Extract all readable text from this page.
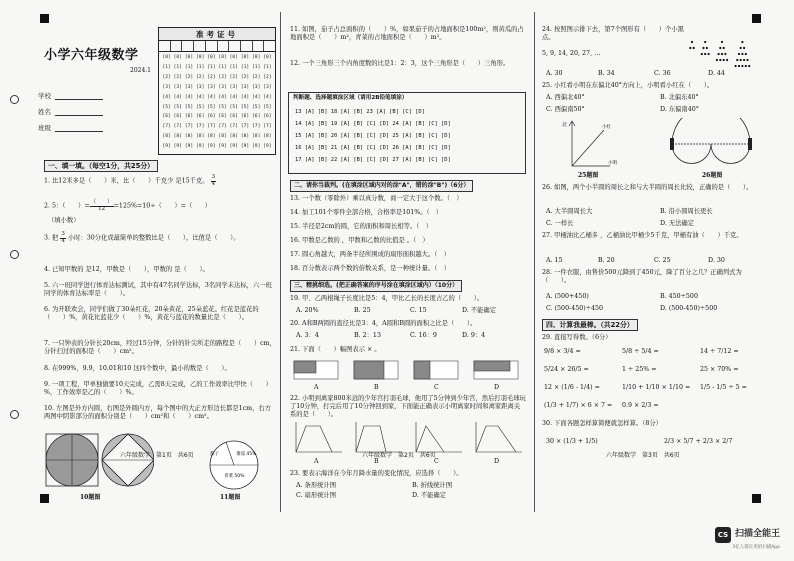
小学六年级数学
2024.1
学校
姓名
班级
准考证号
[0] [0] [0] [0] [0] [0] [0] [0] [0] [0]
[1] [1] [1] [1] [1] [1] [1] [1] [1] [1]
[2] [2] [2] [2] [2] [2] [2] [2] [2] [2]
[3] [3] [3] [3] [3] [3] [3] [3] [3] [3]
[4] [4] [4] [4] [4] [4] [4] [4] [4] [4]
[5] [5] [5] [5] [5] [5] [5] [5] [5] [5]
[6] [6] [6] [6] [6] [6] [6] [6] [6] [6]
[7] [7] [7] [7] [7] [7] [7] [7] [7] [7]
[8] [8] [8] [8] [8] [8] [8] [8] [8] [8]
[9] [9] [9] [9] [9] [9] [9] [9] [9] [9]
一、填一填。（每空1分，共25分）
1. 比12米多是（　　）米，比（　　）千克少 是15千克。 $\frac{3}{4}$
2. 5：（　　）= $\frac{( )}{12} =125\%=10\div$（　　）=（　　）
（填小数）
3. 把 $\frac{3}{4}$ 小时：30分化成最简单的整数比是（　　），比值是（　　）。
4. 已知甲数的 是12，甲数是（　　），甲数的 是（　　）。
5. 六一班同学进行体育达标测试，其中有47名同学达标，3名同学未达标，六一班同学的体育达标率是（　　）。
6. 为开联欢会，同学们做了30朵红花，20朵黄花，25朵蓝花。红花是蓝花的（　　）%，黄花比蓝花少（　　）%，黄花与蓝花的数量比是（　　）。
7. 一只钟表的分针长20cm，经过15分钟，分针的针尖所走的路程是（　　）cm，分针扫过的面积是（　　）cm²。
8. 在999%，9.9，10.01和10 这四个数中，最小的数是（　　）。
9. 一项工程，甲单独做要10天完成，乙需8天完成，乙的工作效率比甲快（　　）%，工作效率是乙的（　　）%。
10. 左图是外方内圆，右图是外圆内方，每个图中的大正方形边长都是1cm，右方两图中阴影部分的面积分别是（　　）cm²和（　　）cm²。
10题图
茄子	番茄 45%
青菜 50%
11题图
六年级数学　第1页　共6页
11. 如图，茄子占总面积的（　　）%，如果茄子的占地面积是100m²，则黄瓜的占地面积是（　　）m²，青菜的占地面积是（　　）m²。
12. 一个三角形三个内角度数的比是1：2：3，这个三角形是（　　）三角形。
判断题、选择题填涂区域（请用2B铅笔填涂）
13 [A] [B] 18 [A] [B] 23 [A] [B] [C] [D]
14 [A] [B] 19 [A] [B] [C] [D] 24 [A] [B] [C] [D]
15 [A] [B] 20 [A] [B] [C] [D] 25 [A] [B] [C] [D]
16 [A] [B] 21 [A] [B] [C] [D] 26 [A] [B] [C] [D]
17 [A] [B] 22 [A] [B] [C] [D] 27 [A] [B] [C] [D]
二、请你当裁判。(在填涂区域内对的涂"A"，错的涂"B")（6分）
13. 一个数（零除外）乘以真分数，商一定大于这个数。（　）
14. 加工101个零件全部合格，合格率是101%。（　）
15. 半径是2cm的圆，它的面积和周长相等。（　）
16. 甲数是乙数的 ，甲数和乙数的比值是 。（　）
17. 圆心角越大，两条半径所围成的扇形面积越大。（　）
18. 百分数表示两个数的倍数关系，是一种统计量。（　）
三、精挑细选。(把正确答案的序号涂在填涂区域内）（10分）
19. 甲、乙两根绳子长度比是5：4，甲比乙长的长度占乙的（　　）。
A. 20%	B. 25	C. 15	D. 不能确定
20. A和B两圆的直径比是3：4，A圆和B圆的面积之比是（　　）。
A. 3：4	B. 2：13	C. 16：9	D. 9：4
21. 下面（　　）幅图表示 × 。
A	B	C	D
22. 小明到离家800米远的少年宫打羽毛球，他用了5分钟到少年宫，然后打羽毛球玩了10分钟，打完后用了10分钟回到家，下面能正确表示小明离家时间和离家距离关系的是（　　）。
A	B	C	D
23. 要表示海洋在今年月降水量的变化情况，应选择（　　）。
A. 条形统计图	B. 折线统计图
C. 扇形统计图	D. 不能确定
六年级数学　第2页　共6页
24. 按照图示排下去，第7个图形有（　　）个小黑点。
5, 9, 14, 20, 27, …
A. 30	B. 34	C. 36	D. 44
25. 小红看小明在东偏北40°方向上，小明看小红在（　　）。
A. 西偏北40°	B. 北偏东40°
C. 西偏南50°	D. 东偏南40°
北	小红
小明
25题图	26题图
26. 如图，两个小半圆的周长之和与大半圆的周长比较，正确的是（　　）。
A. 大半圆周长大	B. 沿小圆周长更长
C. 一样长	D. 无法确定
27. 甲桶油比乙桶多 ，乙桶油比甲桶少5千克，甲桶有油（　　）千克。
A. 15	B. 20	C. 25	D. 30
28. 一件衣服，由售价500元降到了450元，降了百分之几？正确列式为（　　）。
A. (500+450)	B. 450÷500
C. (500-450)÷450	D. (500-450)÷500
四、计算我最棒。（共22分）
29. 直接写得数。（6分）
9/8 × 3/4 =	5/8 ÷ 5/4 =	14 ÷ 7/12 =
5/24 × 26/5 =	1 ÷ 25% =	25 × 70% =
12 × (1/6 - 1/4) =	1/10 + 1/10 × 1/10 = 1/5 - 1/5 ÷ 5 =
(1/3 + 1/7) × 6 × 7 = 0.9 × 2/3 =
30. 下面各题怎样算简便就怎样算。（8分）
30 × (1/3 + 1/5)	2/3 × 5/7 + 2/3 × 2/7
六年级数学　第3页　共6页
CS 扫描全能王
3亿人都在用的扫描App
